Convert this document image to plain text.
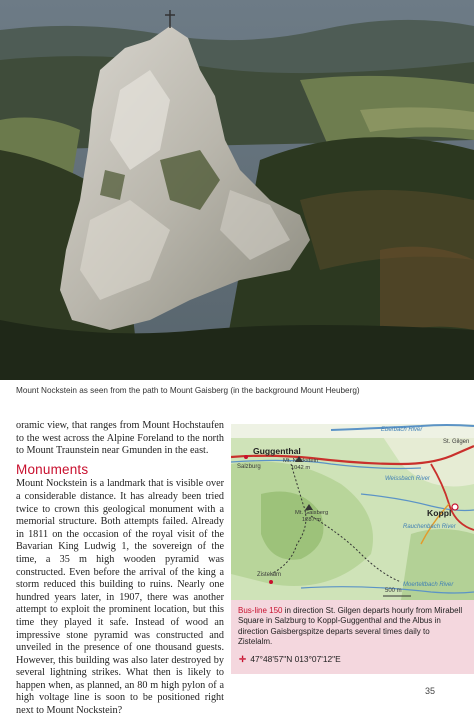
Mount Nockstein as seen from the path to Mount Gaisberg (in the background Mount Heuberg)

oramic view, that ranges from Mount Hochstaufen to the west across the Alpine Foreland to the north to Mount Traunstein near Gmunden in the east.

Monuments

Mount Nockstein is a landmark that is visible over a considerable distance. It has already been tried twice to crown this geological monument with a memorial structure. Both attempts failed. Already in 1811 on the occasion of the royal visit of the Bavarian King Ludwig 1, the sovereign of the time, a 35 m high wooden pyramid was constructed. Even before the arrival of the king a storm reduced this building to ruins. Nearly one hundred years later, in 1907, there was another attempt to exploit the prominent location, but this time they played it safe. Instead of wood an impressive stone pyramid was constructed and unveiled in the presence of one thousand guests. However, this building was also later destroyed by several lightning strikes. What then is likely to happen when, as planned, an 80 m high pylon of a high voltage line is soon to be positioned right next to Mount Nockstein?

Eberbach River
St. Gilgen
Guggenthal
Salzburg
Mt. Nockstein
1042 m
Weissbach River
Koppl
Mt. Gaisberg
1287 m
Zistelalm
Rauchenbach River
Moerteltbach River
500 m
Bus-line 150 in direction St. Gilgen departs hourly from Mirabell Square in Salzburg to Koppl-Guggenthal and the Albus in direction Gaisbergspitze departs several times daily to Zistelalm.
✛ 47°48'57"N 013°07'12"E
35
